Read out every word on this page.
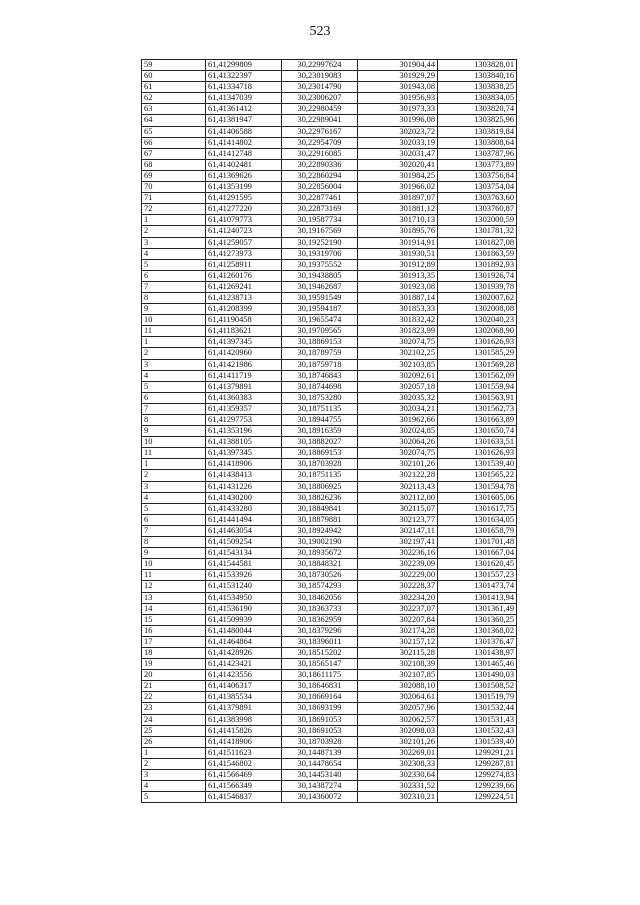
523
59	61,41299809	30,22997624	301904,44	1303828,01
60	61,41322397	30,23019083	301929,29	1303840,16
61	61,41334718	30,23014790	301943,08	1303838,25
62	61,41347039	30,23006207	301956,93	1303834,05
63	61,41361412	30,22980459	301973,33	1303820,74
64	61,41381947	30,22989041	301996,08	1303825,96
65	61,41406588	30,22976167	302023,72	1303819,84
66	61,41414802	30,22954709	302033,19	1303808,64
67	61,41412748	30,22916085	302031,47	1303787,96
68	61,41402481	30,22890336	302020,41	1303773,89
69	61,41369626	30,22860294	301984,25	1303756,84
70	61,41353199	30,22856004	301966,02	1303754,04
71	61,41291595	30,22877461	301897,07	1303763,60
72	61,41277220	30,22873169	301881,12	1303760,87
1	61,41079773	30,19587734	301710,13	1302000,59
2	61,41240723	30,19167569	301895,76	1301781,32
3	61,41259057	30,19252190	301914,91	1301827,08
4	61,41273973	30,19319706	301930,51	1301863,59
5	61,41258911	30,19375552	301912,89	1301892,93
6	61,41260176	30,19438805	301913,35	1301926,74
7	61,41269241	30,19462687	301923,08	1301939,78
8	61,41238713	30,19591549	301887,14	1302007,62
9	61,41208399	30,19594187	301853,33	1302008,08
10	61,41190458	30,19655474	301832,42	1302040,23
11	61,41183621	30,19709565	301823,99	1302068,90
1	61,41397345	30,18869153	302074,75	1301626,93
2	61,41420960	30,18789759	302102,25	1301585,29
3	61,41421986	30,18759718	302103,85	1301569,28
4	61,41411719	30,18746843	302092,61	1301562,09
5	61,41379891	30,18744698	302057,18	1301559,94
6	61,41360383	30,18753280	302035,32	1301563,91
7	61,41359357	30,18751135	302034,21	1301562,73
8	61,41297753	30,18944755	301962,66	1301663,89
9	61,41353196	30,18916359	302024,85	1301650,74
10	61,41388105	30,18882027	302064,26	1301633,51
11	61,41397345	30,18869153	302074,75	1301626,93
1	61,41418906	30,18703928	302101,26	1301539,40
2	61,41438413	30,18751135	302122,28	1301565,22
3	61,41431226	30,18806925	302113,43	1301594,78
4	61,41430200	30,18826236	302112,00	1301605,06
5	61,41433280	30,18849841	302115,07	1301617,75
6	61,41441494	30,18879881	302123,77	1301634,05
7	61,41463054	30,18924942	302147,11	1301658,79
8	61,41509254	30,19002190	302197,41	1301701,48
9	61,41543134	30,18935672	302236,16	1301667,04
10	61,41544581	30,18848321	302239,09	1301620,45
11	61,41533926	30,18730526	302229,00	1301557,23
12	61,41531240	30,18574293	302228,37	1301473,74
13	61,41534950	30,18462056	302234,20	1301413,94
14	61,41536190	30,18363733	302237,07	1301361,49
15	61,41509939	30,18362959	302207,84	1301360,25
16	61,41480044	30,18379296	302174,28	1301368,02
17	61,41464864	30,18396011	302157,12	1301376,47
18	61,41428926	30,18515202	302115,28	1301438,97
19	61,41423421	30,18565147	302108,39	1301465,46
20	61,41423556	30,18611175	302107,85	1301490,03
21	61,41406317	30,18646831	302088,10	1301508,52
22	61,41385534	30,18669164	302064,61	1301519,79
23	61,41379891	30,18693199	302057,96	1301532,44
24	61,41383998	30,18691053	302062,57	1301531,43
25	61,41415826	30,18691053	302098,03	1301532,43
26	61,41418906	30,18703928	302101,26	1301539,40
1	61,41511623	30,14487139	302269,01	1299291,21
2	61,41546802	30,14478654	302308,33	1299287,81
3	61,41566469	30,14453140	302330,64	1299274,83
4	61,41566349	30,14387274	302331,52	1299239,66
5	61,41546837	30,14360072	302310,21	1299224,51
